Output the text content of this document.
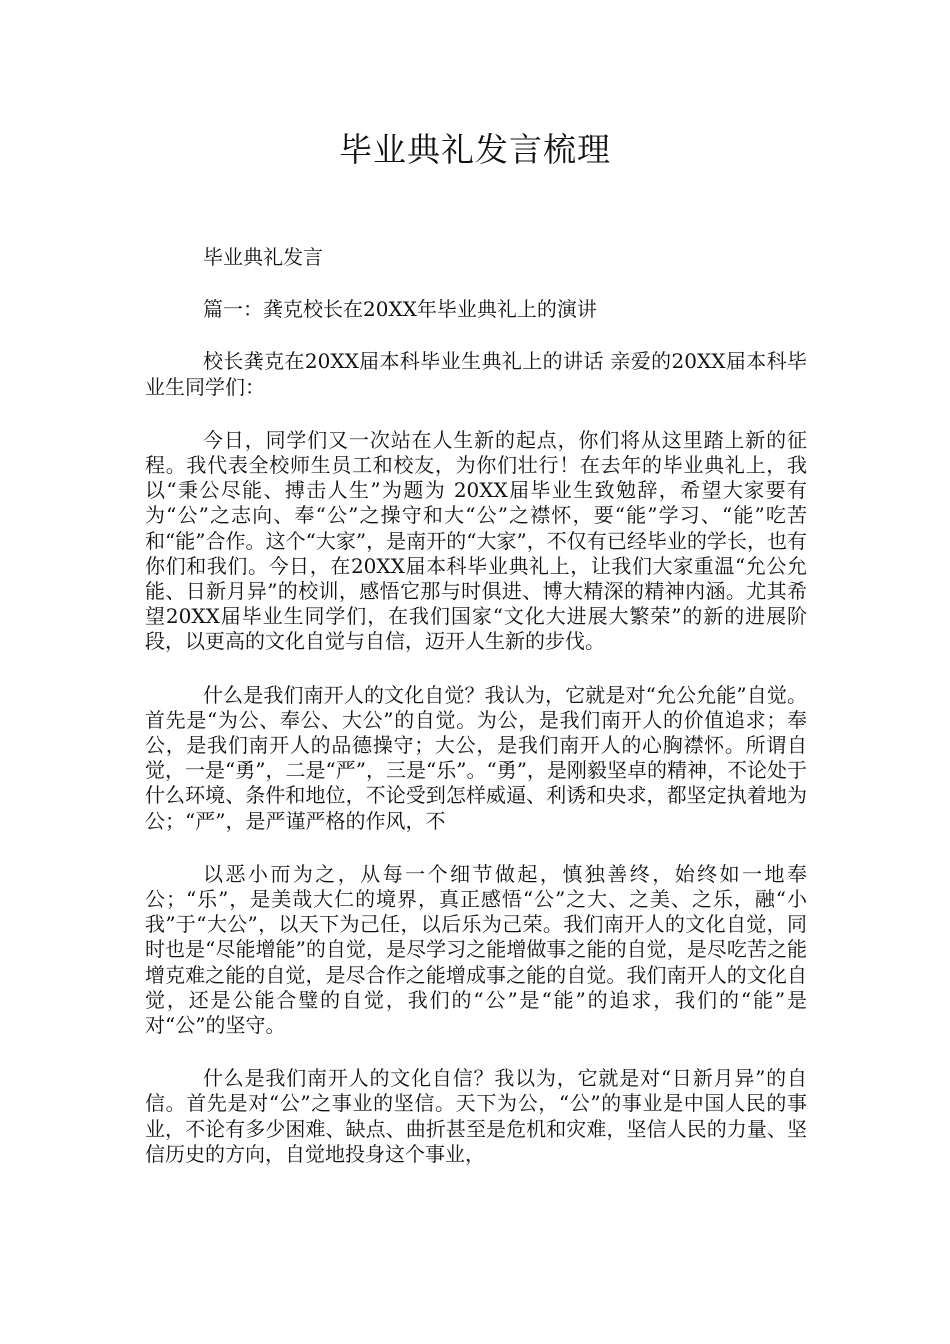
毕业典礼发言梳理

毕业典礼发言

篇一：龚克校长在20XX年毕业典礼上的演讲

校长龚克在20XX届本科毕业生典礼上的讲话 亲爱的20XX届本科毕业生同学们：

今日，同学们又一次站在人生新的起点，你们将从这里踏上新的征程。我代表全校师生员工和校友，为你们壮行！在去年的毕业典礼上，我以“秉公尽能、搏击人生”为题为 20XX届毕业生致勉辞，希望大家要有为“公”之志向、奉“公”之操守和大“公”之襟怀，要“能”学习、“能”吃苦和“能”合作。这个“大家”，是南开的“大家”，不仅有已经毕业的学长，也有你们和我们。今日，在20XX届本科毕业典礼上，让我们大家重温“允公允能、日新月异”的校训，感悟它那与时俱进、博大精深的精神内涵。尤其希望20XX届毕业生同学们，在我们国家“文化大进展大繁荣”的新的进展阶段，以更高的文化自觉与自信，迈开人生新的步伐。

什么是我们南开人的文化自觉？我认为，它就是对“允公允能”自觉。首先是“为公、奉公、大公”的自觉。为公，是我们南开人的价值追求；奉公，是我们南开人的品德操守；大公，是我们南开人的心胸襟怀。所谓自觉，一是“勇”，二是“严”，三是“乐”。“勇”，是刚毅坚卓的精神，不论处于什么环境、条件和地位，不论受到怎样威逼、利诱和央求，都坚定执着地为公；“严”，是严谨严格的作风，不

以恶小而为之，从每一个细节做起，慎独善终，始终如一地奉公；“乐”，是美哉大仁的境界，真正感悟“公”之大、之美、之乐，融“小我”于“大公”，以天下为己任，以后乐为己荣。我们南开人的文化自觉，同时也是“尽能增能”的自觉，是尽学习之能增做事之能的自觉，是尽吃苦之能增克难之能的自觉，是尽合作之能增成事之能的自觉。我们南开人的文化自觉，还是公能合璧的自觉，我们的“公”是“能”的追求，我们的“能”是对“公”的坚守。

什么是我们南开人的文化自信？我以为，它就是对“日新月异”的自信。首先是对“公”之事业的坚信。天下为公，“公”的事业是中国人民的事业，不论有多少困难、缺点、曲折甚至是危机和灾难，坚信人民的力量、坚信历史的方向，自觉地投身这个事业，
